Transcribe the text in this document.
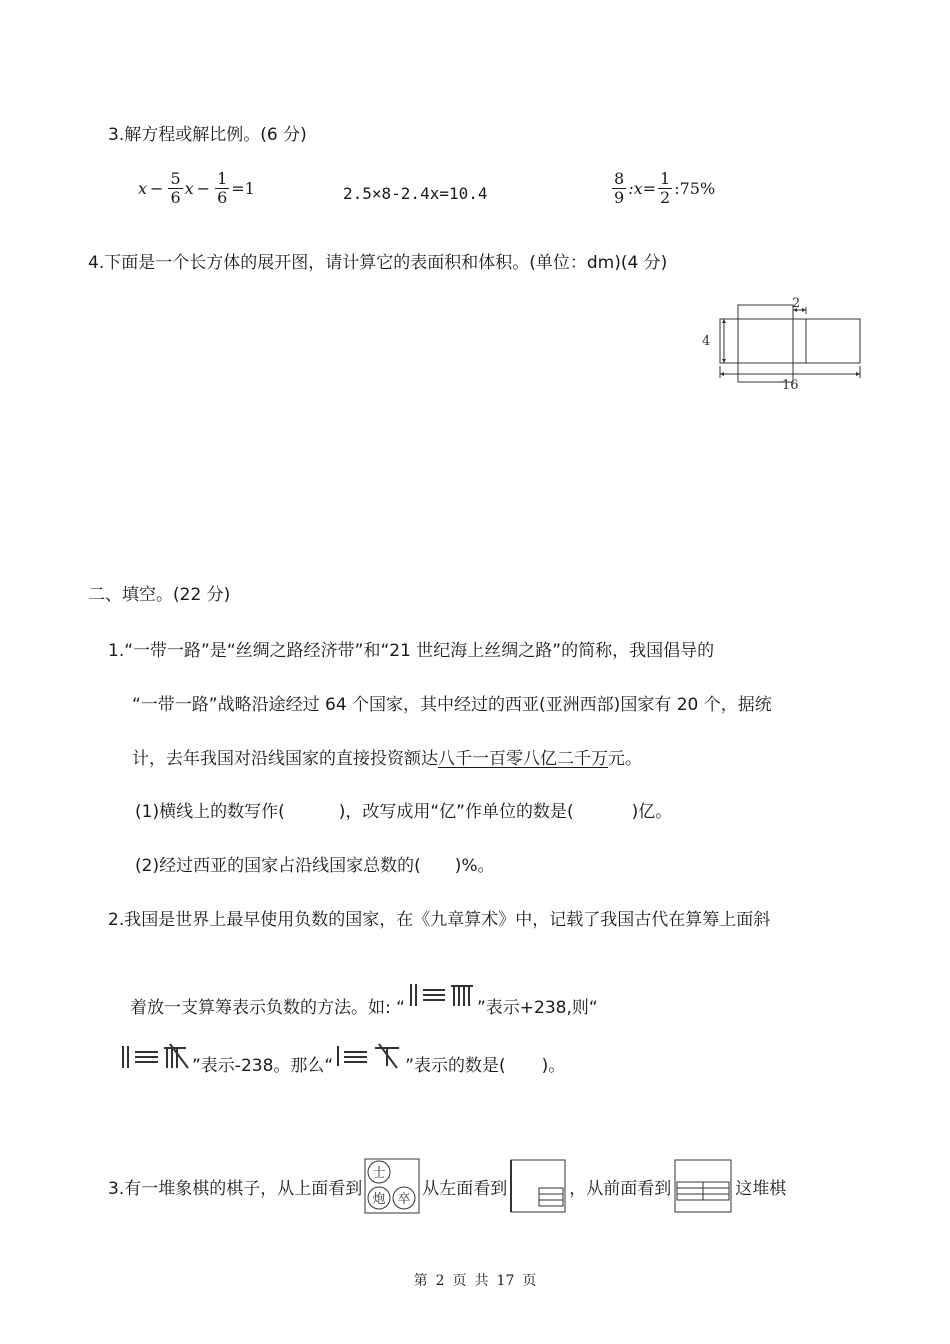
3.解方程或解比例。(6 分)
$x - \frac{5}{6}$ $x - \frac{1}{6} =1$	2.5×8-2.4x=10.4	$\frac{8}{9}$ :x= $\frac{1}{2}$ :75%
4.下面是一个长方体的展开图，请计算它的表面积和体积。(单位：dm)(4 分)
2
4
16
二、填空。(22 分)
1.“一带一路”是“丝绸之路经济带”和“21 世纪海上丝绸之路”的简称，我国倡导的
“一带一路”战略沿途经过 64 个国家，其中经过的西亚(亚洲西部)国家有 20 个，据统
计，去年我国对沿线国家的直接投资额达八千一百零八亿二千万元。
(1)横线上的数写作(	)，改写成用“亿”作单位的数是(	)亿。
(2)经过西亚的国家占沿线国家总数的( )%。
2.我国是世界上最早使用负数的国家，在《九章算术》中，记载了我国古代在算筹上面斜
着放一支算筹表示负数的方法。如: “	”表示+238,则“
”表示-238。那么“	”表示的数是( )。
3.有一堆象棋的棋子，从上面看到
士
炮 卒
从左面看到	，从前面看到	这堆棋
第 2 页 共 17 页
